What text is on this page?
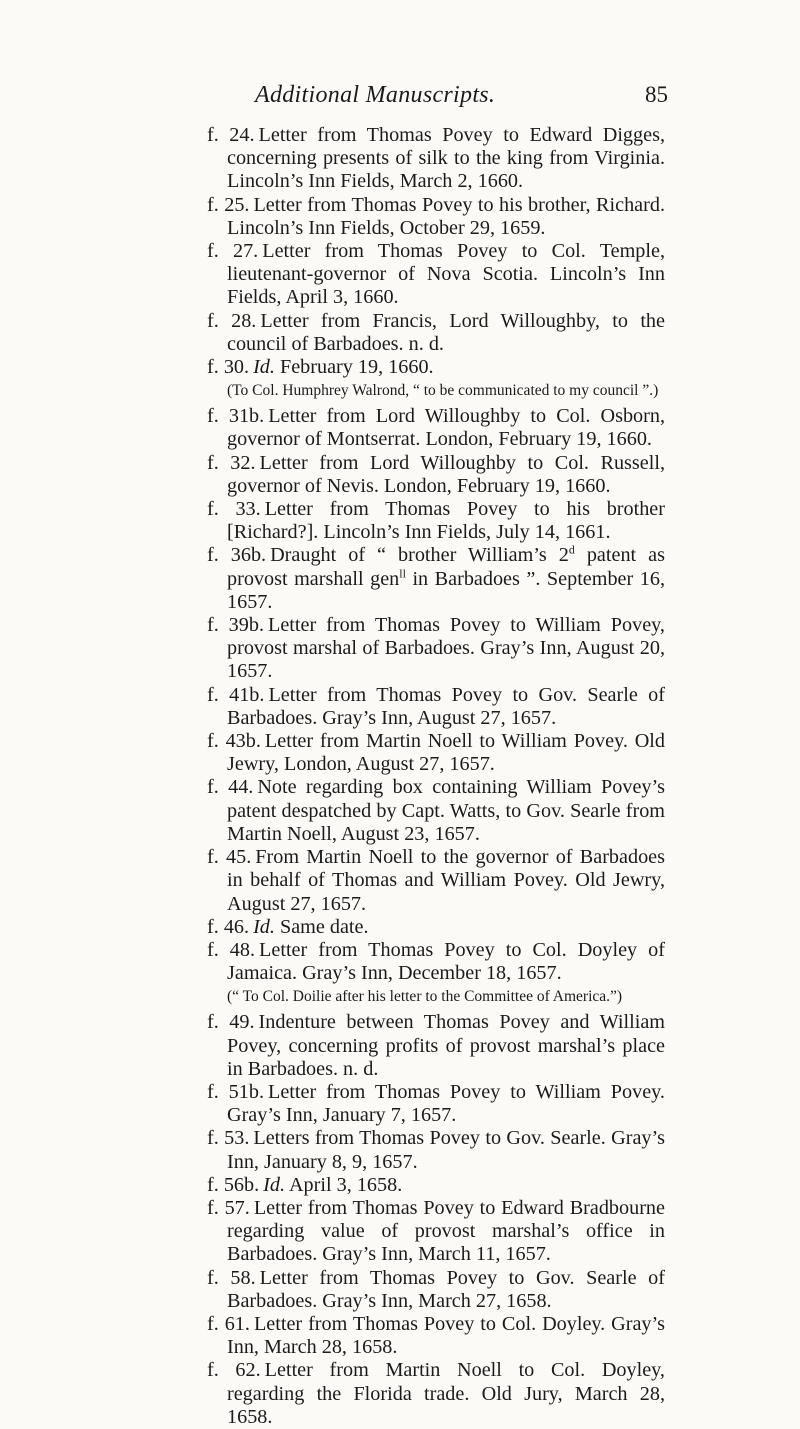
Additional Manuscripts.	85
f. 24. Letter from Thomas Povey to Edward Digges, concerning presents of silk to the king from Virginia. Lincoln’s Inn Fields, March 2, 1660.
f. 25. Letter from Thomas Povey to his brother, Richard. Lincoln’s Inn Fields, October 29, 1659.
f. 27. Letter from Thomas Povey to Col. Temple, lieutenant-governor of Nova Scotia. Lincoln’s Inn Fields, April 3, 1660.
f. 28. Letter from Francis, Lord Willoughby, to the council of Barbadoes. n. d.
f. 30. Id. February 19, 1660.
(To Col. Humphrey Walrond, “ to be communicated to my council ”.)
f. 31b. Letter from Lord Willoughby to Col. Osborn, governor of Montserrat. London, February 19, 1660.
f. 32. Letter from Lord Willoughby to Col. Russell, governor of Nevis. London, February 19, 1660.
f. 33. Letter from Thomas Povey to his brother [Richard?]. Lincoln’s Inn Fields, July 14, 1661.
f. 36b. Draught of “ brother William’s 2$^d$ patent as provost marshall gen$^{ll}$ in Barbadoes ”. September 16, 1657.
f. 39b. Letter from Thomas Povey to William Povey, provost marshal of Barbadoes. Gray’s Inn, August 20, 1657.
f. 41b. Letter from Thomas Povey to Gov. Searle of Barbadoes. Gray’s Inn, August 27, 1657.
f. 43b. Letter from Martin Noell to William Povey. Old Jewry, London, August 27, 1657.
f. 44. Note regarding box containing William Povey’s patent despatched by Capt. Watts, to Gov. Searle from Martin Noell, August 23, 1657.
f. 45. From Martin Noell to the governor of Barbadoes in behalf of Thomas and William Povey. Old Jewry, August 27, 1657.
f. 46. Id. Same date.
f. 48. Letter from Thomas Povey to Col. Doyley of Jamaica. Gray’s Inn, December 18, 1657.
(“ To Col. Doilie after his letter to the Committee of America.”)
f. 49. Indenture between Thomas Povey and William Povey, concerning profits of provost marshal’s place in Barbadoes. n. d.
f. 51b. Letter from Thomas Povey to William Povey. Gray’s Inn, January 7, 1657.
f. 53. Letters from Thomas Povey to Gov. Searle. Gray’s Inn, January 8, 9, 1657.
f. 56b. Id. April 3, 1658.
f. 57. Letter from Thomas Povey to Edward Bradbourne regarding value of provost marshal’s office in Barbadoes. Gray’s Inn, March 11, 1657.
f. 58. Letter from Thomas Povey to Gov. Searle of Barbadoes. Gray’s Inn, March 27, 1658.
f. 61. Letter from Thomas Povey to Col. Doyley. Gray’s Inn, March 28, 1658.
f. 62. Letter from Martin Noell to Col. Doyley, regarding the Florida trade. Old Jury, March 28, 1658.
